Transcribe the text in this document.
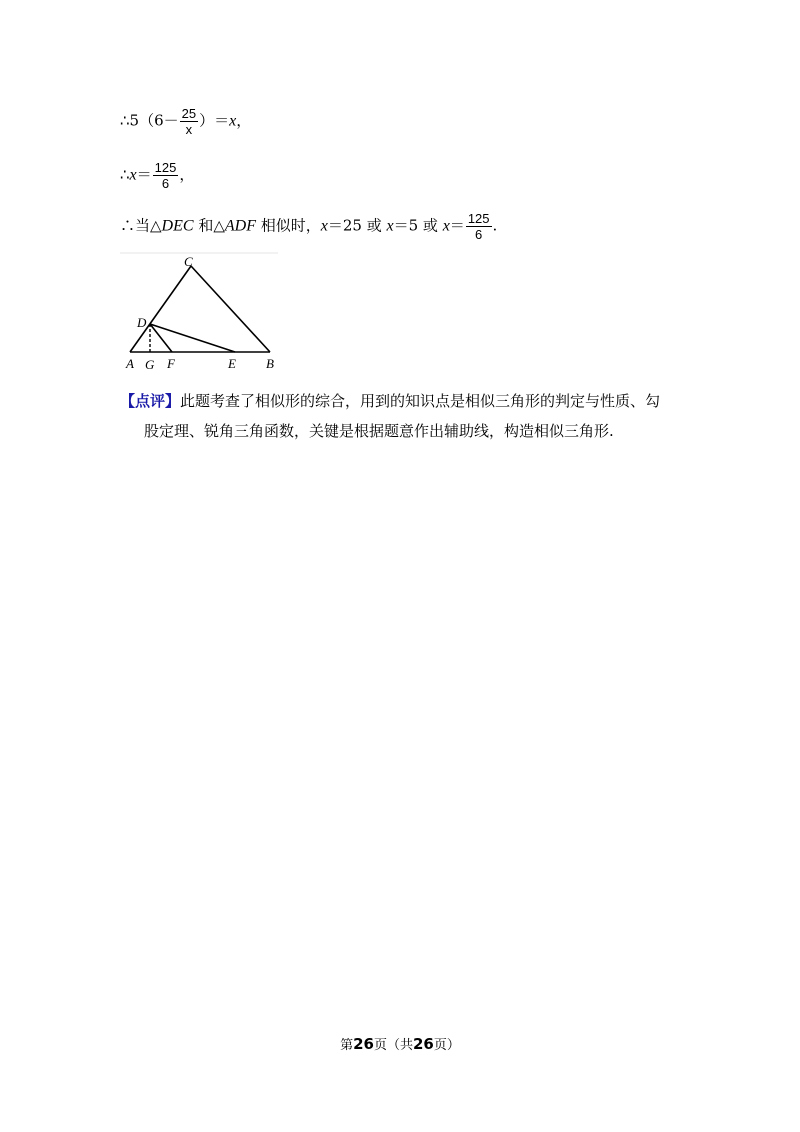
∴5（6－ $\frac{25}{x} )=x$，
∴x＝ $\frac{125}{6}$ ，
∴当△DEC 和△ADF 相似时，x＝25 或 x＝5 或 $x= \frac{125}{6}$ .
C
D
A G F	E B
【点评】此题考查了相似形的综合，用到的知识点是相似三角形的判定与性质、勾
股定理、锐角三角函数，关键是根据题意作出辅助线，构造相似三角形.
第26页（共26页）
